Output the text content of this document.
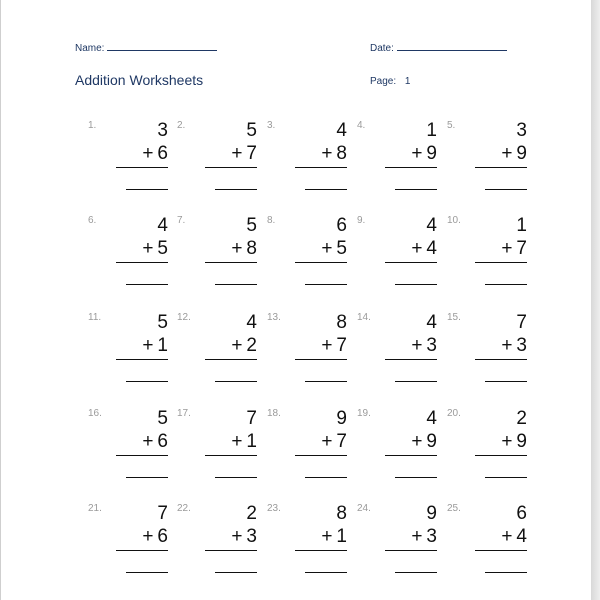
Name:	Date:
Addition Worksheets	Page: 1
1.	3
+ 6
2.	5
+ 7
3.	4
+ 8
4.	1
+ 9
5.	3
+ 9
6.	4
+ 5
7.	5
+ 8
8.	6
+ 5
9.	4
+ 4
10.	1
+ 7
11.	5
+ 1
12.	4
+ 2
13.	8
+ 7
14.	4
+ 3
15.	7
+ 3
16.	5
+ 6
17.	7
+ 1
18.	9
+ 7
19.	4
+ 9
20.	2
+ 9
21.	7
+ 6
22.	2
+ 3
23.	8
+ 1
24.	9
+ 3
25.	6
+ 4
